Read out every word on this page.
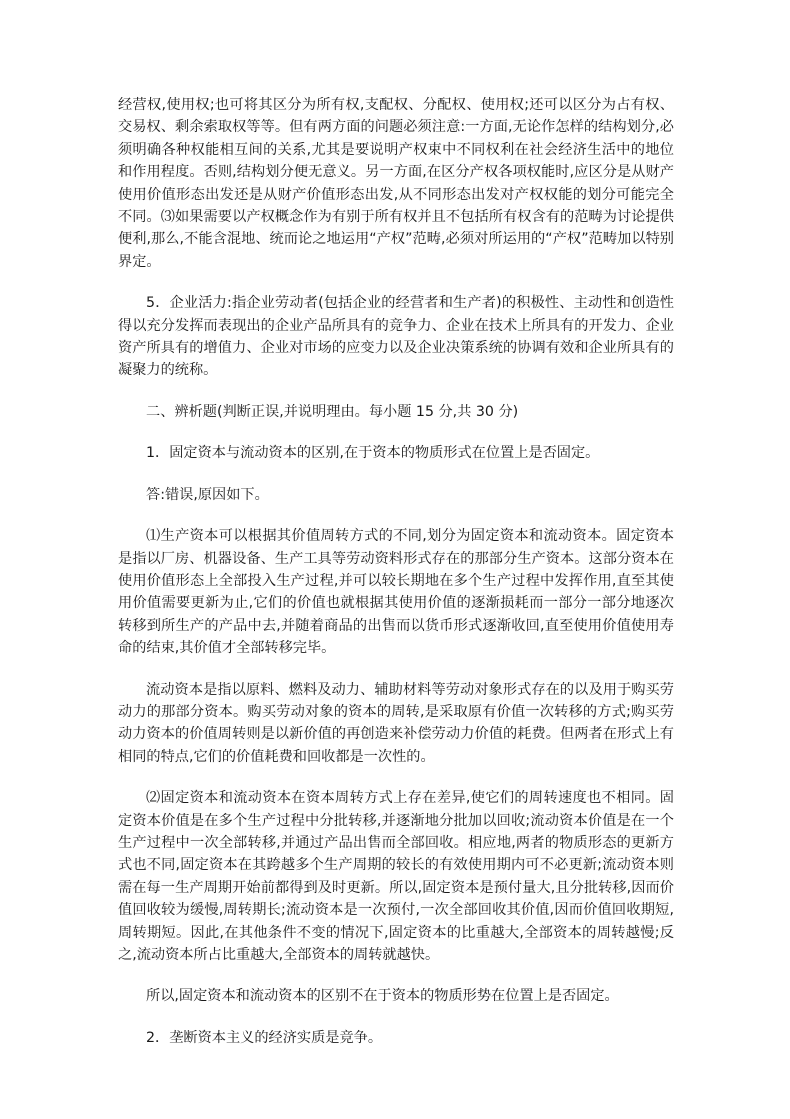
经营权,使用权;也可将其区分为所有权,支配权、分配权、使用权;还可以区分为占有权、交易权、剩余索取权等等。但有两方面的问题必须注意:一方面,无论作怎样的结构划分,必须明确各种权能相互间的关系,尤其是要说明产权束中不同权利在社会经济生活中的地位和作用程度。否则,结构划分便无意义。另一方面,在区分产权各项权能时,应区分是从财产使用价值形态出发还是从财产价值形态出发,从不同形态出发对产权权能的划分可能完全不同。⑶如果需要以产权概念作为有别于所有权并且不包括所有权含有的范畴为讨论提供便利,那么,不能含混地、统而论之地运用“产权”范畴,必须对所运用的“产权”范畴加以特别界定。

5．企业活力:指企业劳动者(包括企业的经营者和生产者)的积极性、主动性和创造性得以充分发挥而表现出的企业产品所具有的竞争力、企业在技术上所具有的开发力、企业资产所具有的增值力、企业对市场的应变力以及企业决策系统的协调有效和企业所具有的凝聚力的统称。

二、辨析题(判断正误,并说明理由。每小题 15 分,共 30 分)

1．固定资本与流动资本的区别,在于资本的物质形式在位置上是否固定。

答:错误,原因如下。

⑴生产资本可以根据其价值周转方式的不同,划分为固定资本和流动资本。固定资本是指以厂房、机器设备、生产工具等劳动资料形式存在的那部分生产资本。这部分资本在使用价值形态上全部投入生产过程,并可以较长期地在多个生产过程中发挥作用,直至其使用价值需要更新为止,它们的价值也就根据其使用价值的逐渐损耗而一部分一部分地逐次转移到所生产的产品中去,并随着商品的出售而以货币形式逐渐收回,直至使用价值使用寿命的结束,其价值才全部转移完毕。

流动资本是指以原料、燃料及动力、辅助材料等劳动对象形式存在的以及用于购买劳动力的那部分资本。购买劳动对象的资本的周转,是采取原有价值一次转移的方式;购买劳动力资本的价值周转则是以新价值的再创造来补偿劳动力价值的耗费。但两者在形式上有相同的特点,它们的价值耗费和回收都是一次性的。

⑵固定资本和流动资本在资本周转方式上存在差异,使它们的周转速度也不相同。固定资本价值是在多个生产过程中分批转移,并逐渐地分批加以回收;流动资本价值是在一个生产过程中一次全部转移,并通过产品出售而全部回收。相应地,两者的物质形态的更新方式也不同,固定资本在其跨越多个生产周期的较长的有效使用期内可不必更新;流动资本则需在每一生产周期开始前都得到及时更新。所以,固定资本是预付量大,且分批转移,因而价值回收较为缓慢,周转期长;流动资本是一次预付,一次全部回收其价值,因而价值回收期短,周转期短。因此,在其他条件不变的情况下,固定资本的比重越大,全部资本的周转越慢;反之,流动资本所占比重越大,全部资本的周转就越快。

所以,固定资本和流动资本的区别不在于资本的物质形势在位置上是否固定。

2．垄断资本主义的经济实质是竞争。
